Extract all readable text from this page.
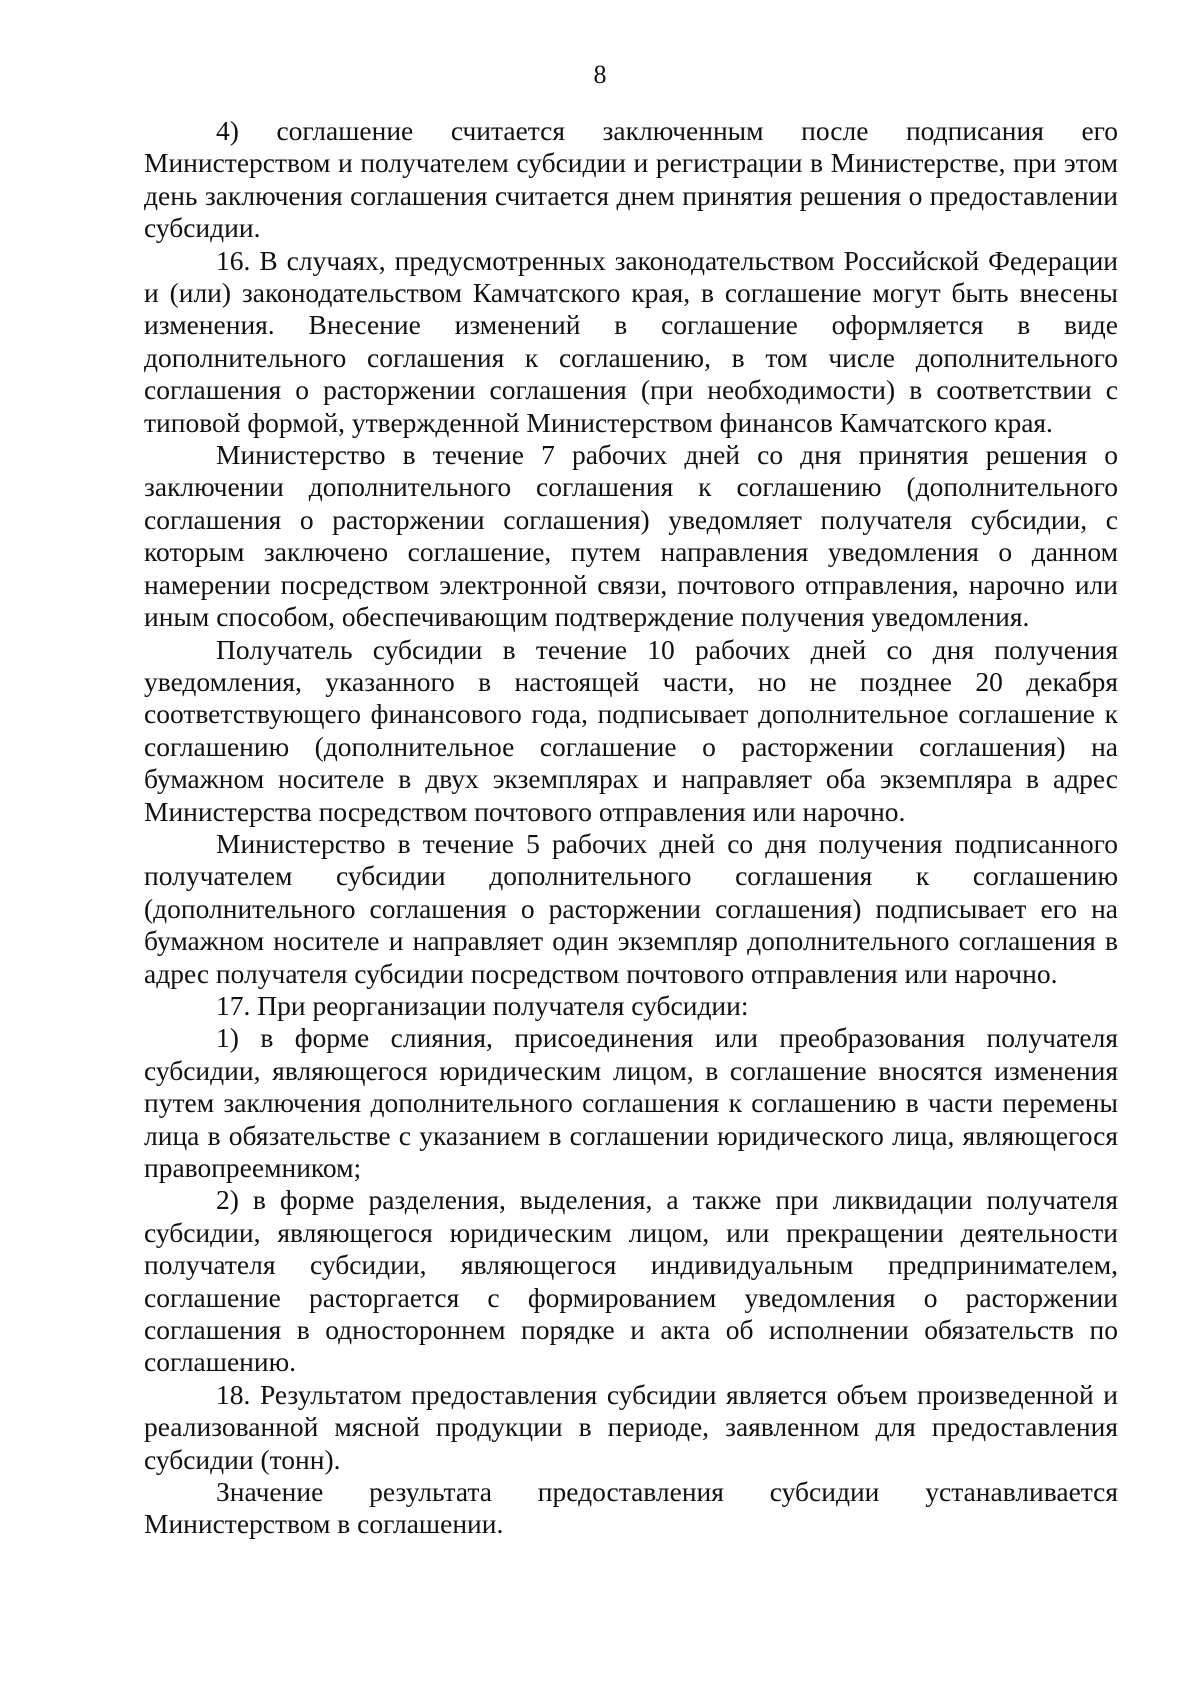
8

4) соглашение считается заключенным после подписания его Министерством и получателем субсидии и регистрации в Министерстве, при этом день заключения соглашения считается днем принятия решения о предоставлении субсидии.

16. В случаях, предусмотренных законодательством Российской Федерации и (или) законодательством Камчатского края, в соглашение могут быть внесены изменения. Внесение изменений в соглашение оформляется в виде дополнительного соглашения к соглашению, в том числе дополнительного соглашения о расторжении соглашения (при необходимости) в соответствии с типовой формой, утвержденной Министерством финансов Камчатского края.

Министерство в течение 7 рабочих дней со дня принятия решения о заключении дополнительного соглашения к соглашению (дополнительного соглашения о расторжении соглашения) уведомляет получателя субсидии, с которым заключено соглашение, путем направления уведомления о данном намерении посредством электронной связи, почтового отправления, нарочно или иным способом, обеспечивающим подтверждение получения уведомления.

Получатель субсидии в течение 10 рабочих дней со дня получения уведомления, указанного в настоящей части, но не позднее 20 декабря соответствующего финансового года, подписывает дополнительное соглашение к соглашению (дополнительное соглашение о расторжении соглашения) на бумажном носителе в двух экземплярах и направляет оба экземпляра в адрес Министерства посредством почтового отправления или нарочно.

Министерство в течение 5 рабочих дней со дня получения подписанного получателем субсидии дополнительного соглашения к соглашению (дополнительного соглашения о расторжении соглашения) подписывает его на бумажном носителе и направляет один экземпляр дополнительного соглашения в адрес получателя субсидии посредством почтового отправления или нарочно.

17. При реорганизации получателя субсидии:

1) в форме слияния, присоединения или преобразования получателя субсидии, являющегося юридическим лицом, в соглашение вносятся изменения путем заключения дополнительного соглашения к соглашению в части перемены лица в обязательстве с указанием в соглашении юридического лица, являющегося правопреемником;

2) в форме разделения, выделения, а также при ликвидации получателя субсидии, являющегося юридическим лицом, или прекращении деятельности получателя субсидии, являющегося индивидуальным предпринимателем, соглашение расторгается с формированием уведомления о расторжении соглашения в одностороннем порядке и акта об исполнении обязательств по соглашению.

18. Результатом предоставления субсидии является объем произведенной и реализованной мясной продукции в периоде, заявленном для предоставления субсидии (тонн).

Значение результата предоставления субсидии устанавливается Министерством в соглашении.
